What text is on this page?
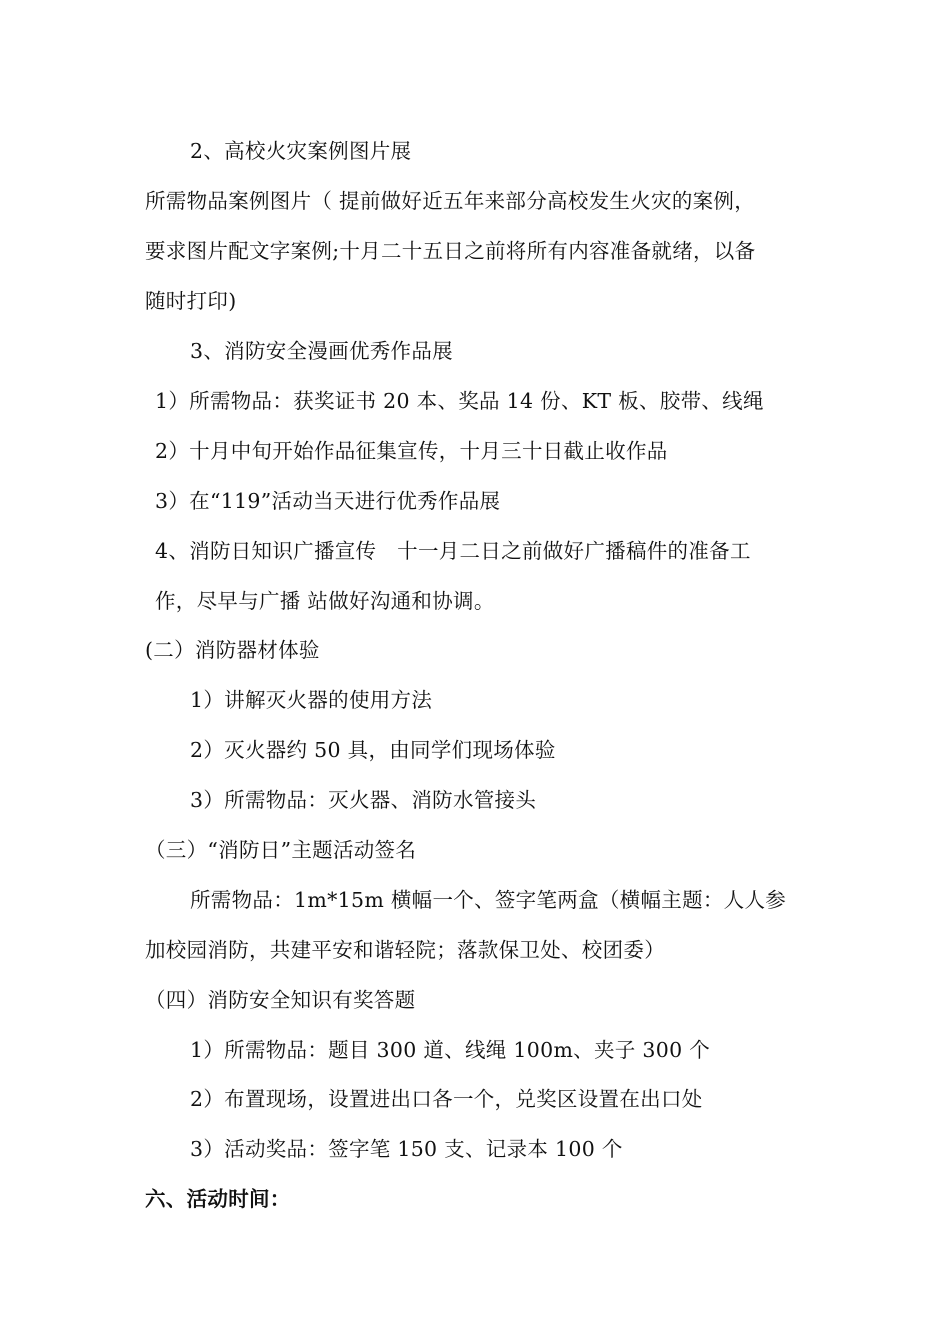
2、高校火灾案例图片展
所需物品案例图片（ 提前做好近五年来部分高校发生火灾的案例，
要求图片配文字案例;十月二十五日之前将所有内容准备就绪，以备
随时打印)
3、消防安全漫画优秀作品展
1）所需物品：获奖证书 20 本、奖品 14 份、KT 板、胶带、线绳
2）十月中旬开始作品征集宣传，十月三十日截止收作品
3）在“119”活动当天进行优秀作品展
4、消防日知识广播宣传　十一月二日之前做好广播稿件的准备工
作，尽早与广播 站做好沟通和协调。
(二）消防器材体验
1）讲解灭火器的使用方法
2）灭火器约 50 具，由同学们现场体验
3）所需物品：灭火器、消防水管接头
（三）“消防日”主题活动签名
所需物品：1m*15m 横幅一个、签字笔两盒（横幅主题：人人参
加校园消防，共建平安和谐轻院；落款保卫处、校团委）
（四）消防安全知识有奖答题
1）所需物品：题目 300 道、线绳 100m、夹子 300 个
2）布置现场，设置进出口各一个，兑奖区设置在出口处
3）活动奖品：签字笔 150 支、记录本 100 个
六、活动时间：
